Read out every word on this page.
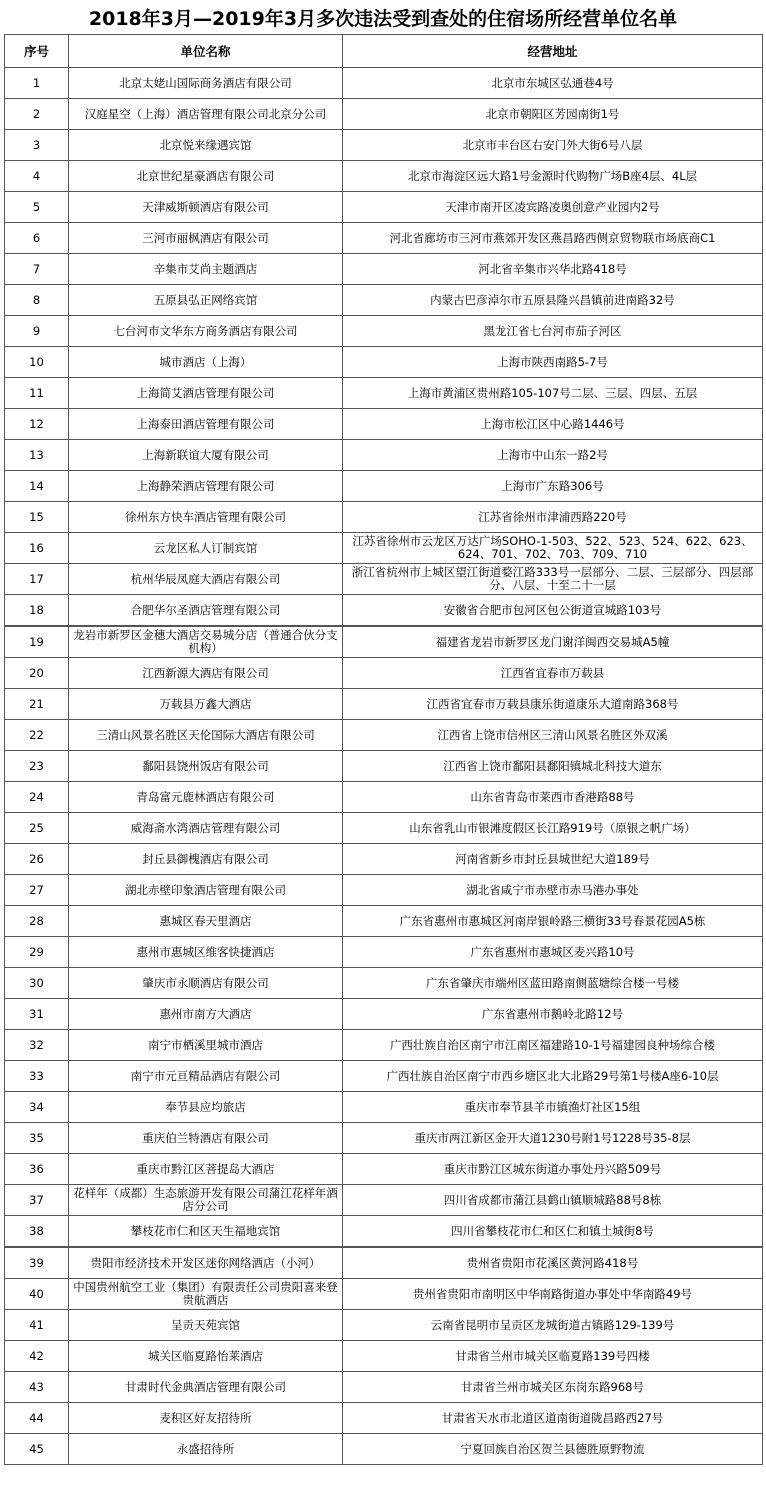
2018年3月—2019年3月多次违法受到查处的住宿场所经营单位名单
序号	单位名称	经营地址
1	北京太姥山国际商务酒店有限公司	北京市东城区弘通巷4号
2	汉庭星空（上海）酒店管理有限公司北京分公司	北京市朝阳区芳园南街1号
3	北京悦来缘遇宾馆	北京市丰台区右安门外大街6号八层
4	北京世纪星豪酒店有限公司	北京市海淀区远大路1号金源时代购物广场B座4层、4L层
5	天津威斯顿酒店有限公司	天津市南开区凌宾路凌奥创意产业园内2号
6	三河市丽枫酒店有限公司	河北省廊坊市三河市燕郊开发区燕昌路西侧京贸物联市场底商C1
7	辛集市艾尚主题酒店	河北省辛集市兴华北路418号
8	五原县弘正网络宾馆	内蒙古巴彦淖尔市五原县隆兴昌镇前进南路32号
9	七台河市文华东方商务酒店有限公司	黑龙江省七台河市茄子河区
10	城市酒店（上海）	上海市陕西南路5-7号
11	上海简艾酒店管理有限公司	上海市黄浦区贵州路105-107号二层、三层、四层、五层
12	上海泰田酒店管理有限公司	上海市松江区中心路1446号
13	上海新联谊大厦有限公司	上海市中山东一路2号
14	上海静荣酒店管理有限公司	上海市广东路306号
15	徐州东方快车酒店管理有限公司	江苏省徐州市津浦西路220号
16	云龙区私人订制宾馆	江苏省徐州市云龙区万达广场SOHO-1-503、522、523、524、622、623、624、701、702、703、709、710
17	杭州华辰凤庭大酒店有限公司	浙江省杭州市上城区望江街道婺江路333号一层部分、二层、三层部分、四层部分、八层、十至二十一层
18	合肥华尔圣酒店管理有限公司	安徽省合肥市包河区包公街道宣城路103号
19	龙岩市新罗区金穗大酒店交易城分店（普通合伙分支机构）	福建省龙岩市新罗区龙门谢洋闽西交易城A5幢
20	江西新源大酒店有限公司	江西省宜春市万载县
21	万载县万鑫大酒店	江西省宜春市万载县康乐街道康乐大道南路368号
22	三清山风景名胜区天伦国际大酒店有限公司	江西省上饶市信州区三清山风景名胜区外双溪
23	鄱阳县饶州饭店有限公司	江西省上饶市鄱阳县鄱阳镇城北科技大道东
24	青岛富元鹿林酒店有限公司	山东省青岛市莱西市香港路88号
25	威海斋水湾酒店管理有限公司	山东省乳山市银滩度假区长江路919号（原银之帆广场）
26	封丘县御槐酒店有限公司	河南省新乡市封丘县城世纪大道189号
27	湖北赤壁印象酒店管理有限公司	湖北省咸宁市赤壁市赤马港办事处
28	惠城区春天里酒店	广东省惠州市惠城区河南岸银岭路三横街33号春景花园A5栋
29	惠州市惠城区维客快捷酒店	广东省惠州市惠城区麦兴路10号
30	肇庆市永顺酒店有限公司	广东省肇庆市端州区蓝田路南侧蓝塘综合楼一号楼
31	惠州市南方大酒店	广东省惠州市鹅岭北路12号
32	南宁市栖溪里城市酒店	广西壮族自治区南宁市江南区福建路10-1号福建园良种场综合楼
33	南宁市元亘精品酒店有限公司	广西壮族自治区南宁市西乡塘区北大北路29号第1号楼A座6-10层
34	奉节县应均旅店	重庆市奉节县羊市镇渔灯社区15组
35	重庆伯兰特酒店有限公司	重庆市两江新区金开大道1230号附1号1228号35-8层
36	重庆市黔江区菩提岛大酒店	重庆市黔江区城东街道办事处丹兴路509号
37	花样年（成都）生态旅游开发有限公司蒲江花样年酒店分公司	四川省成都市蒲江县鹤山镇顺城路88号8栋
38	攀枝花市仁和区天生福地宾馆	四川省攀枝花市仁和区仁和镇土城街8号
39	贵阳市经济技术开发区迷你网络酒店（小河）	贵州省贵阳市花溪区黄河路418号
40	中国贵州航空工业（集团）有限责任公司贵阳喜来登贵航酒店	贵州省贵阳市南明区中华南路街道办事处中华南路49号
41	呈贡天苑宾馆	云南省昆明市呈贡区龙城街道古镇路129-139号
42	城关区临夏路怡莱酒店	甘肃省兰州市城关区临夏路139号四楼
43	甘肃时代金典酒店管理有限公司	甘肃省兰州市城关区东岗东路968号
44	麦积区好友招待所	甘肃省天水市北道区道南街道陇昌路西27号
45	永盛招待所	宁夏回族自治区贺兰县德胜原野物流
